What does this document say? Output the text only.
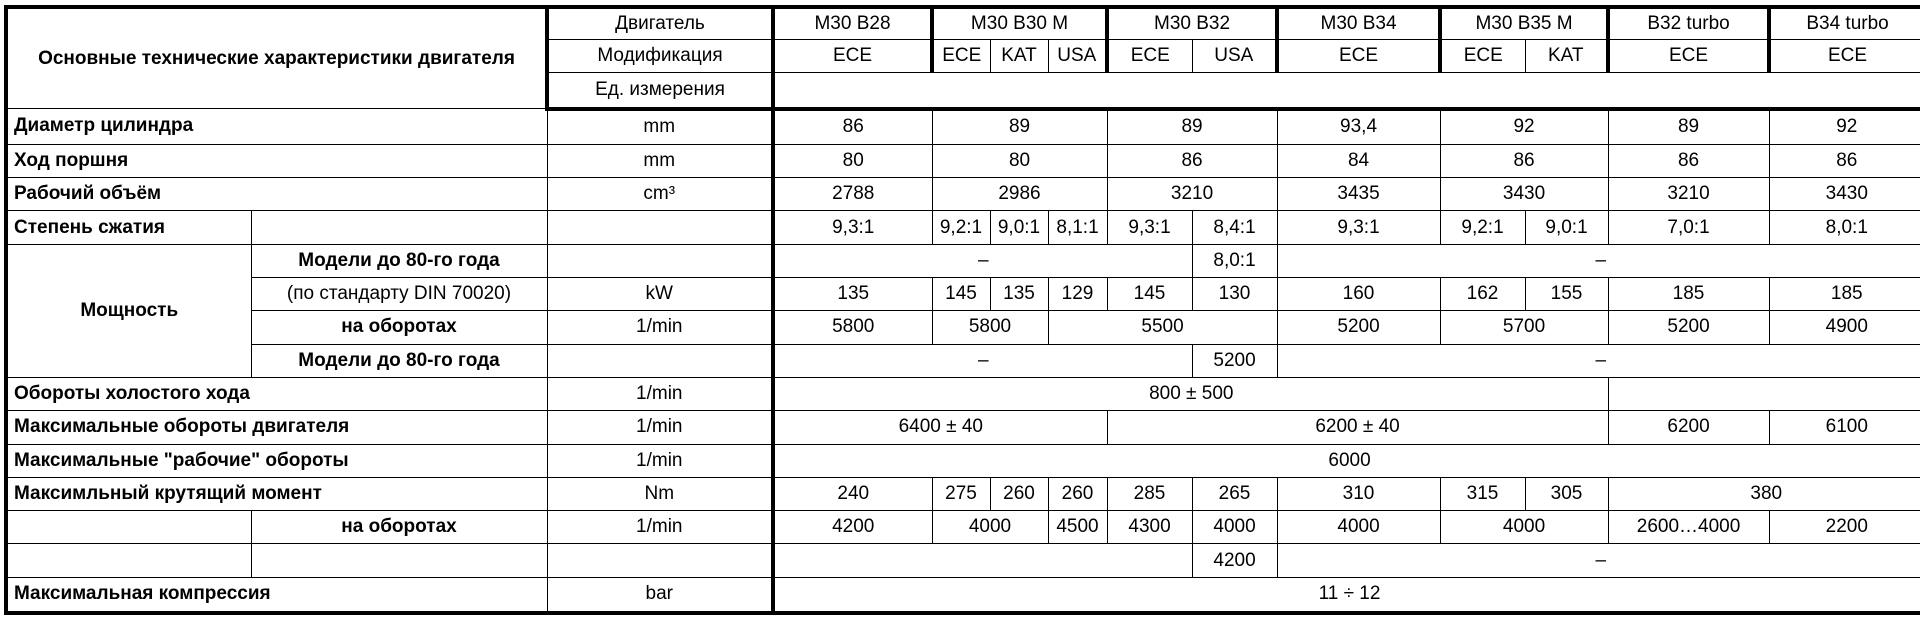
Основные технические характеристики двигателя		Двигатель	M30 B28	M30 B30 M			M30 B32		M30 B34	M30 B35 M		B32 turbo	B34 turbo
		Модификация	ECE	ECE	KAT	USA	ECE	USA	ECE	ECE	KAT	ECE	ECE
		Ед. измерения											
Диаметр цилиндра		mm	86	89			89		93,4	92		89	92
Ход поршня		mm	80	80			86		84	86		86	86
Рабочий объём		cm³	2788	2986			3210		3435	3430		3210	3430
Степень сжатия			9,3:1	9,2:1	9,0:1	8,1:1	9,3:1	8,4:1	9,3:1	9,2:1	9,0:1	7,0:1	8,0:1
Мощность	Модели до 80-го года		–					8,0:1	–				
	(по стандарту DIN 70020)	kW	135	145	135	129	145	130	160	162	155	185	185
	на оборотах	1/min	5800	5800		5500			5200	5700		5200	4900
	Модели до 80-го года		–					5200	–				
Обороты холостого хода		1/min	800 ± 500										
Максимальные обороты двигателя		1/min	6400 ± 40				6200 ± 40					6200	6100
Максимальные "рабочие" обороты		1/min	6000										
Максимльный крутящий момент		Nm	240	275	260	260	285	265	310	315	305	380	
	на оборотах	1/min	4200	4000		4500	4300	4000	4000	4000		2600…4000	2200
								4200	–				
Максимальная компрессия		bar	11 ÷ 12										
